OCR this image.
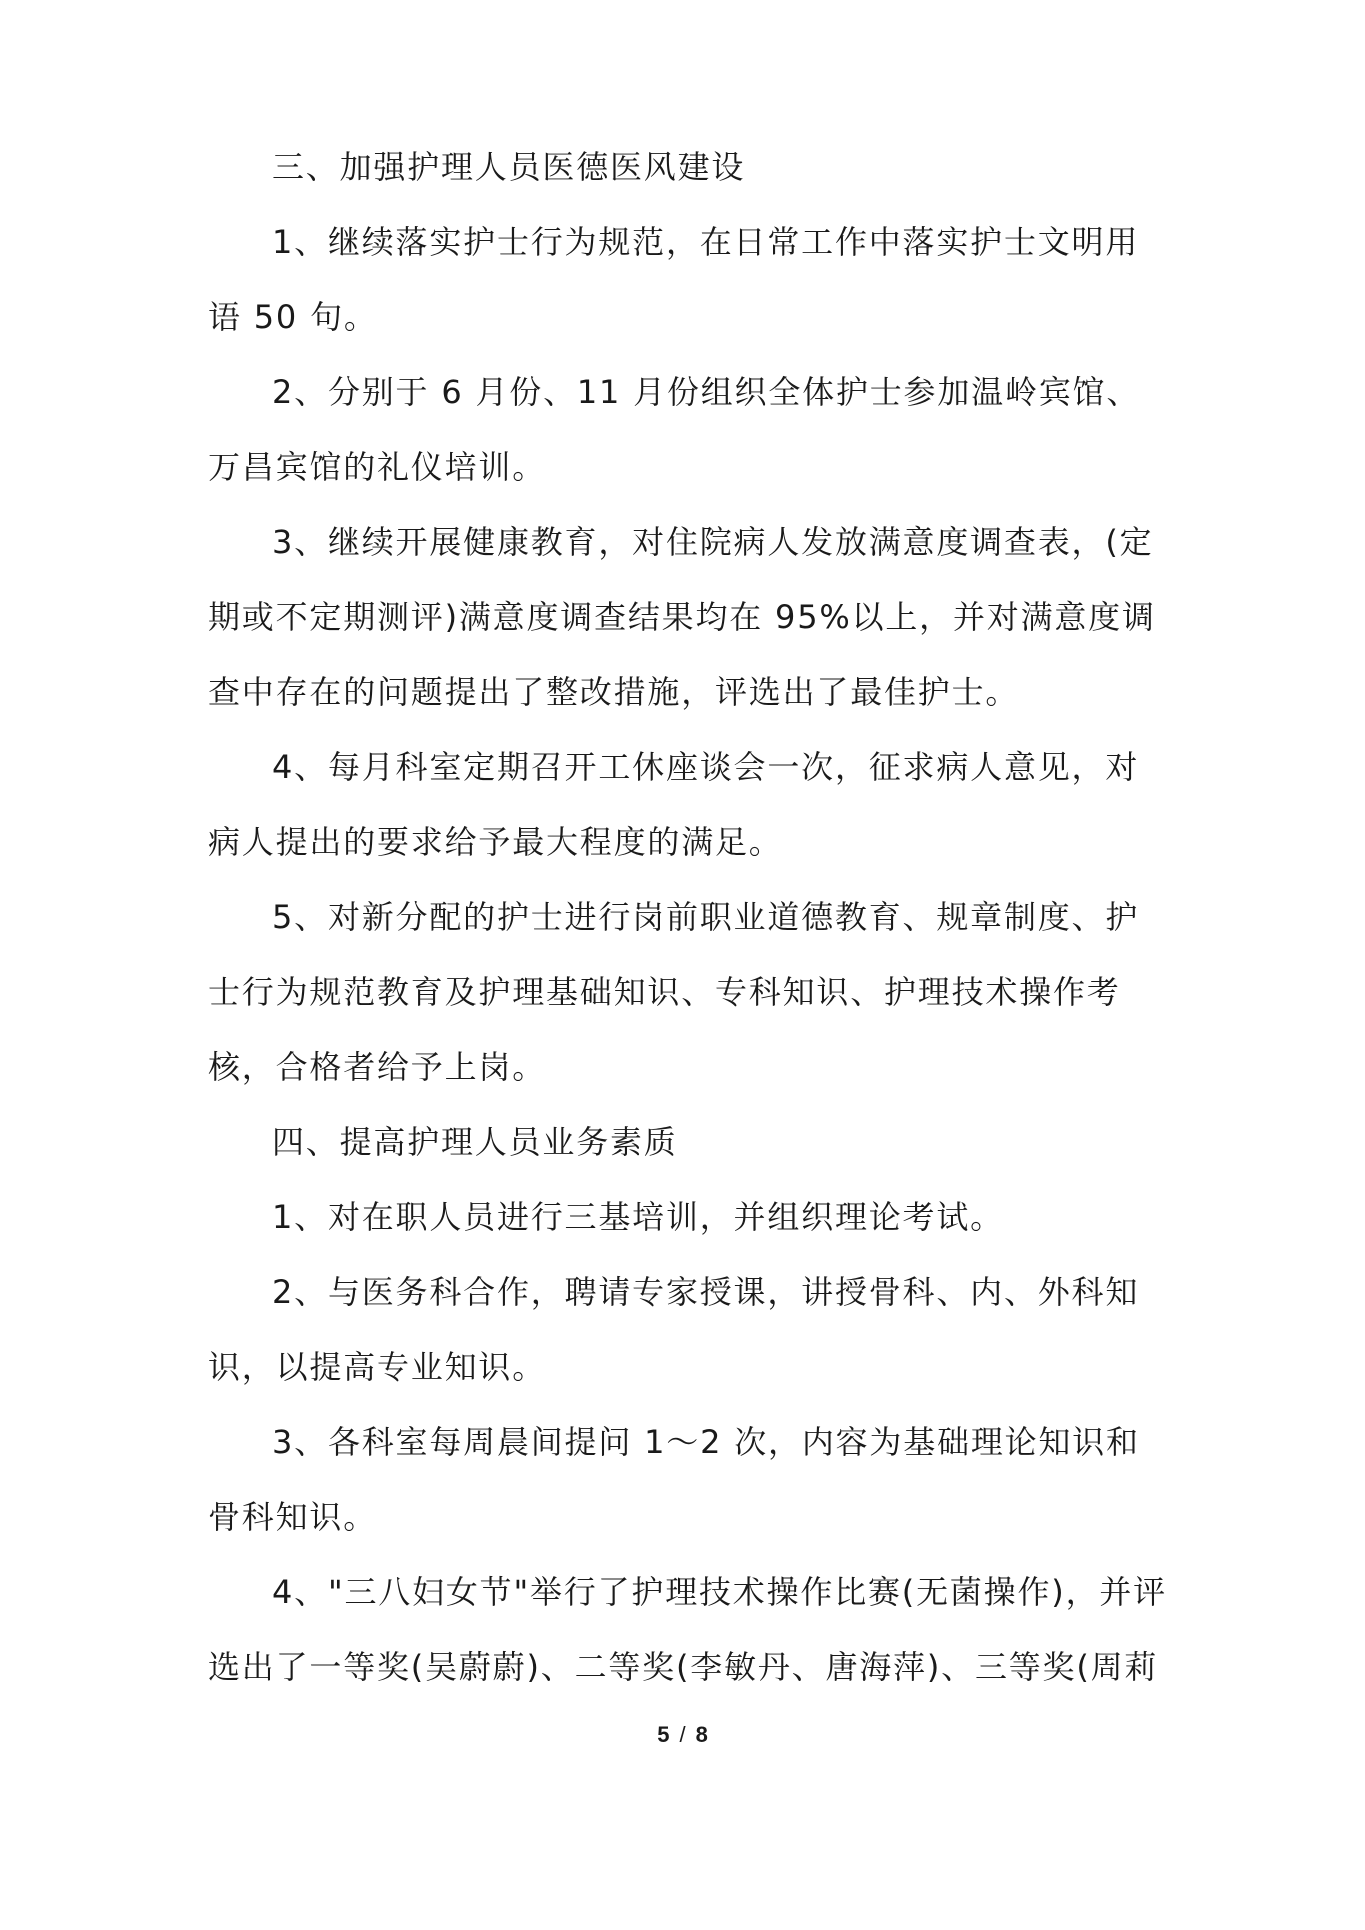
三、加强护理人员医德医风建设

1、继续落实护士行为规范，在日常工作中落实护士文明用语 50 句。

2、分别于 6 月份、11 月份组织全体护士参加温岭宾馆、万昌宾馆的礼仪培训。

3、继续开展健康教育，对住院病人发放满意度调查表，(定期或不定期测评)满意度调查结果均在 95%以上，并对满意度调查中存在的问题提出了整改措施，评选出了最佳护士。

4、每月科室定期召开工休座谈会一次，征求病人意见，对病人提出的要求给予最大程度的满足。

5、对新分配的护士进行岗前职业道德教育、规章制度、护士行为规范教育及护理基础知识、专科知识、护理技术操作考核，合格者给予上岗。

四、提高护理人员业务素质

1、对在职人员进行三基培训，并组织理论考试。

2、与医务科合作，聘请专家授课，讲授骨科、内、外科知识，以提高专业知识。

3、各科室每周晨间提问 1～2 次，内容为基础理论知识和骨科知识。

4、"三八妇女节"举行了护理技术操作比赛(无菌操作)，并评选出了一等奖(吴蔚蔚)、二等奖(李敏丹、唐海萍)、三等奖(周莉

5 / 8
